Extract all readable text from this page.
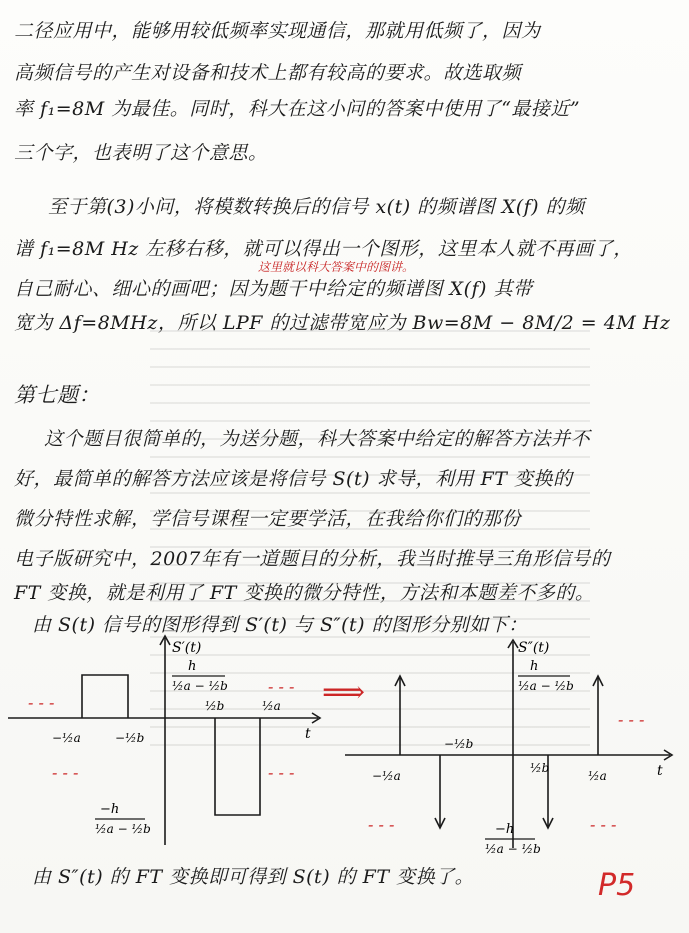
二径应用中，能够用较低频率实现通信，那就用低频了，因为
高频信号的产生对设备和技术上都有较高的要求。故选取频
率 f₁=8M 为最佳。同时，科大在这小问的答案中使用了“最接近”
三个字，也表明了这个意思。
至于第(3)小问，将模数转换后的信号 x(t) 的频谱图 X(f) 的频
谱 f₁=8M Hz 左移右移，就可以得出一个图形，这里本人就不再画了，
这里就以科大答案中的图讲。
自己耐心、细心的画吧；因为题干中给定的频谱图 X(f) 其带
宽为 Δf=8MHz，所以 LPF 的过滤带宽应为 Bw=8M − 8M/2 = 4M Hz
第七题：
这个题目很简单的，为送分题，科大答案中给定的解答方法并不
好，最简单的解答方法应该是将信号 S(t) 求导，利用 FT 变换的
微分特性求解，学信号课程一定要学活，在我给你们的那份
电子版研究中，2007年有一道题目的分析，我当时推导三角形信号的
FT 变换，就是利用了 FT 变换的微分特性，方法和本题差不多的。
由 S(t) 信号的图形得到 S′(t) 与 S″(t) 的图形分别如下：
S′(t)
h
½a − ½b
−h
½a − ½b
−½a	−½b
½b	½a
t
- - -
- - -
- - -	- - -
- - -
- - -
- - -
⟹
S″(t)
h
½a − ½b
−h
½a − ½b
−½a
−½b
½b
½a	t
由 S″(t) 的 FT 变换即可得到 S(t) 的 FT 变换了。	P5
